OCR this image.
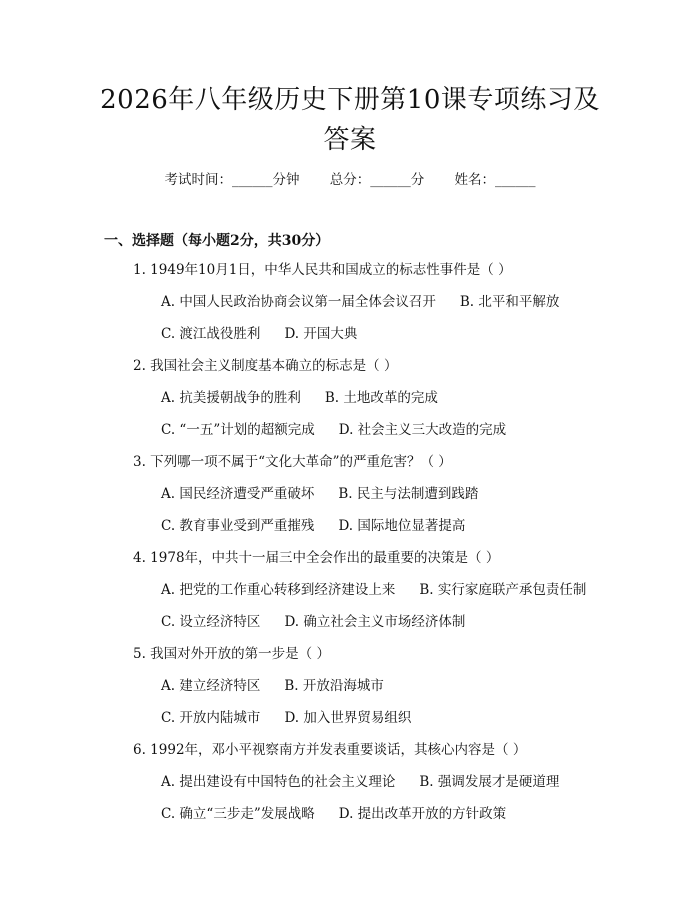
2026年八年级历史下册第10课专项练习及
答案
考试时间：______分钟 总分：______分 姓名：______
一、选择题（每小题2分，共30分）
1. 1949年10月1日，中华人民共和国成立的标志性事件是（ ）
A. 中国人民政治协商会议第一届全体会议召开 B. 北平和平解放
C. 渡江战役胜利 D. 开国大典
2. 我国社会主义制度基本确立的标志是（ ）
A. 抗美援朝战争的胜利 B. 土地改革的完成
C. “一五”计划的超额完成 D. 社会主义三大改造的完成
3. 下列哪一项不属于“文化大革命”的严重危害？（ ）
A. 国民经济遭受严重破坏 B. 民主与法制遭到践踏
C. 教育事业受到严重摧残 D. 国际地位显著提高
4. 1978年，中共十一届三中全会作出的最重要的决策是（ ）
A. 把党的工作重心转移到经济建设上来 B. 实行家庭联产承包责任制
C. 设立经济特区 D. 确立社会主义市场经济体制
5. 我国对外开放的第一步是（ ）
A. 建立经济特区 B. 开放沿海城市
C. 开放内陆城市 D. 加入世界贸易组织
6. 1992年，邓小平视察南方并发表重要谈话，其核心内容是（ ）
A. 提出建设有中国特色的社会主义理论 B. 强调发展才是硬道理
C. 确立“三步走”发展战略 D. 提出改革开放的方针政策
